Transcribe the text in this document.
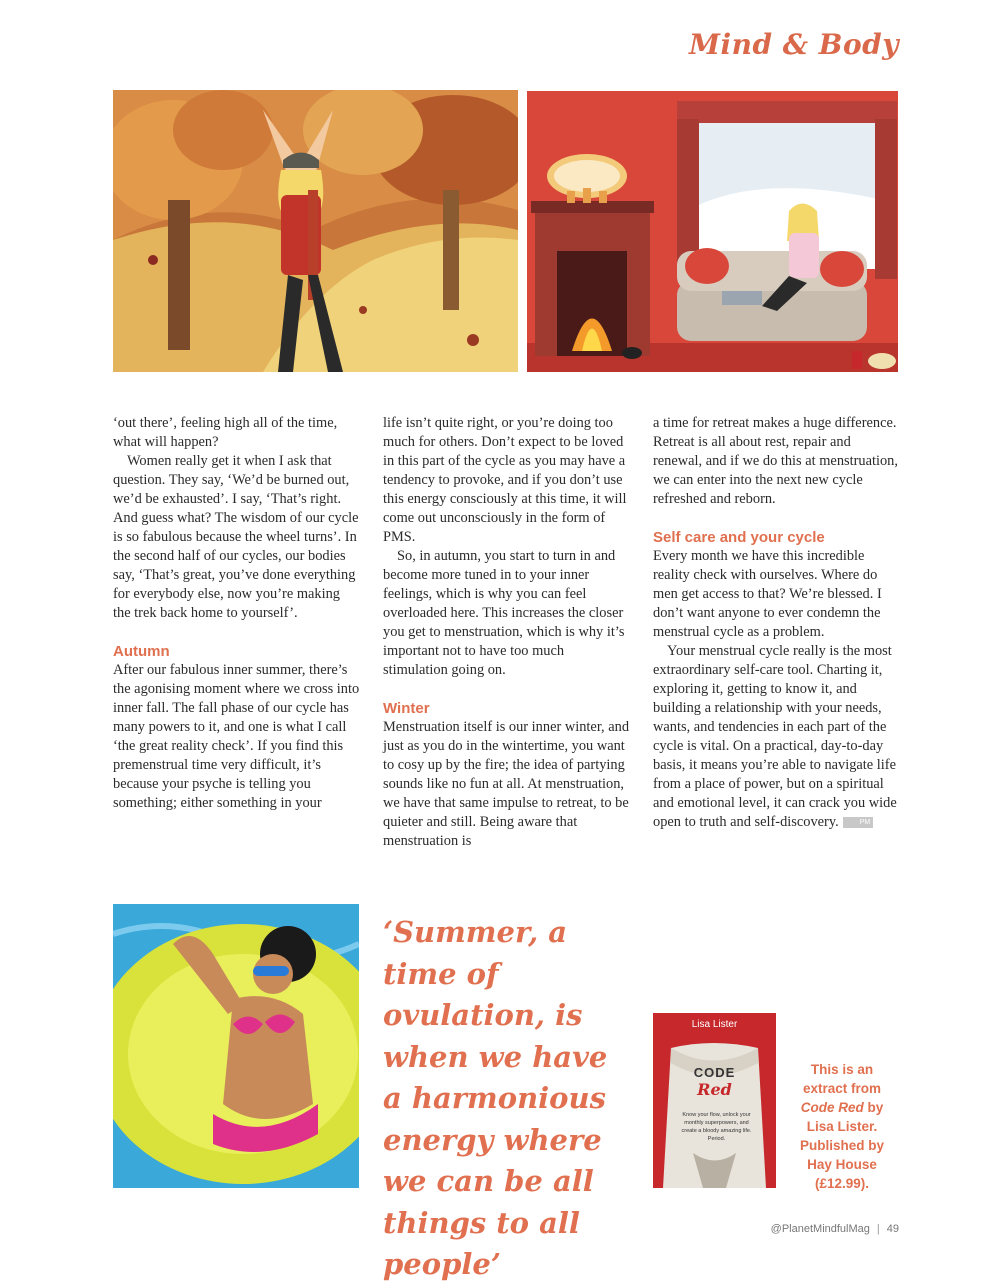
Mind & Body

‘out there’, feeling high all of the time, what will happen?

Women really get it when I ask that question. They say, ‘We’d be burned out, we’d be exhausted’. I say, ‘That’s right. And guess what? The wisdom of our cycle is so fabulous because the wheel turns’. In the second half of our cycles, our bodies say, ‘That’s great, you’ve done everything for everybody else, now you’re making the trek back home to yourself’.

Autumn

After our fabulous inner summer, there’s the agonising moment where we cross into inner fall. The fall phase of our cycle has many powers to it, and one is what I call ‘the great reality check’. If you find this premenstrual time very difficult, it’s because your psyche is telling you something; either something in your

life isn’t quite right, or you’re doing too much for others. Don’t expect to be loved in this part of the cycle as you may have a tendency to provoke, and if you don’t use this energy consciously at this time, it will come out unconsciously in the form of PMS.

So, in autumn, you start to turn in and become more tuned in to your inner feelings, which is why you can feel overloaded here. This increases the closer you get to menstruation, which is why it’s important not to have too much stimulation going on.

Winter

Menstruation itself is our inner winter, and just as you do in the wintertime, you want to cosy up by the fire; the idea of partying sounds like no fun at all. At menstruation, we have that same impulse to retreat, to be quieter and still. Being aware that menstruation is

a time for retreat makes a huge difference. Retreat is all about rest, repair and renewal, and if we do this at menstruation, we can enter into the next new cycle refreshed and reborn.

Self care and your cycle

Every month we have this incredible reality check with ourselves. Where do men get access to that? We’re blessed. I don’t want anyone to ever condemn the menstrual cycle as a problem.

Your menstrual cycle really is the most extraordinary self-care tool. Charting it, exploring it, getting to know it, and building a relationship with your needs, wants, and tendencies in each part of the cycle is vital. On a practical, day-to-day basis, it means you’re able to navigate life from a place of power, but on a spiritual and emotional level, it can crack you wide open to truth and self-discovery.	PM

‘Summer, a time of ovulation, is when we have a harmonious energy where we can be all things to all people’
Lisa Lister
CODE
Red
Know your flow, unlock your monthly superpowers, and create a bloody amazing life. Period.
This is an extract from Code Red by Lisa Lister. Published by Hay House (£12.99).
@PlanetMindfulMag | 49
